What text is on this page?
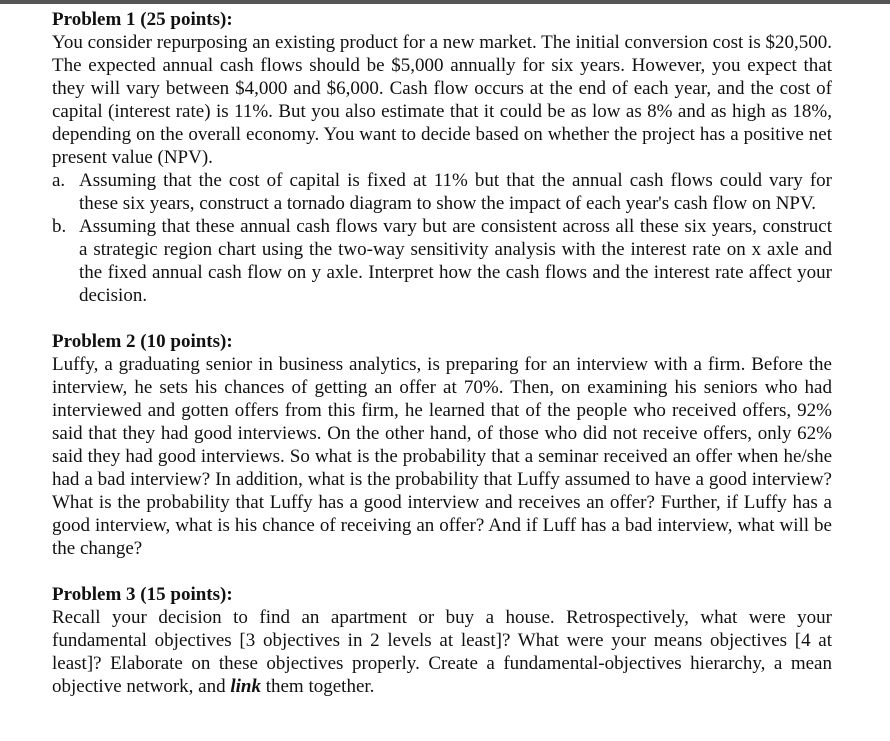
Problem 1 (25 points):

You consider repurposing an existing product for a new market. The initial conversion cost is $20,500. The expected annual cash flows should be $5,000 annually for six years. However, you expect that they will vary between $4,000 and $6,000. Cash flow occurs at the end of each year, and the cost of capital (interest rate) is 11%. But you also estimate that it could be as low as 8% and as high as 18%, depending on the overall economy. You want to decide based on whether the project has a positive net present value (NPV).

a. Assuming that the cost of capital is fixed at 11% but that the annual cash flows could vary for these six years, construct a tornado diagram to show the impact of each year's cash flow on NPV.
b. Assuming that these annual cash flows vary but are consistent across all these six years, construct a strategic region chart using the two-way sensitivity analysis with the interest rate on x axle and the fixed annual cash flow on y axle. Interpret how the cash flows and the interest rate affect your decision.

Problem 2 (10 points):

Luffy, a graduating senior in business analytics, is preparing for an interview with a firm. Before the interview, he sets his chances of getting an offer at 70%. Then, on examining his seniors who had interviewed and gotten offers from this firm, he learned that of the people who received offers, 92% said that they had good interviews. On the other hand, of those who did not receive offers, only 62% said they had good interviews. So what is the probability that a seminar received an offer when he/she had a bad interview? In addition, what is the probability that Luffy assumed to have a good interview? What is the probability that Luffy has a good interview and receives an offer? Further, if Luffy has a good interview, what is his chance of receiving an offer? And if Luff has a bad interview, what will be the change?

Problem 3 (15 points):

Recall your decision to find an apartment or buy a house. Retrospectively, what were your fundamental objectives [3 objectives in 2 levels at least]? What were your means objectives [4 at least]? Elaborate on these objectives properly. Create a fundamental-objectives hierarchy, a mean objective network, and link them together.
